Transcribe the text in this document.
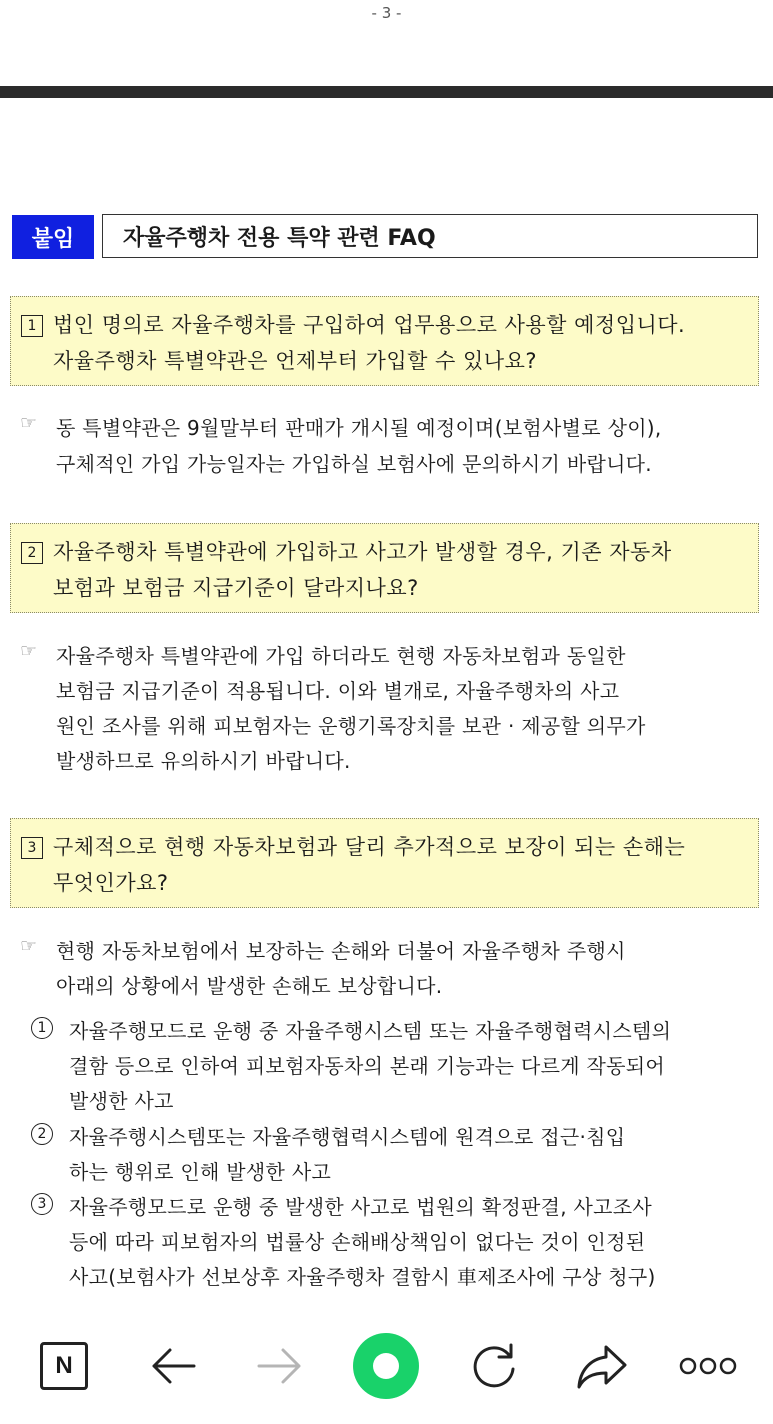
- 3 -
붙임	자율주행차 전용 특약 관련 FAQ
1 법인 명의로 자율주행차를 구입하여 업무용으로 사용할 예정입니다.
자율주행차 특별약관은 언제부터 가입할 수 있나요?
☞ 동 특별약관은 9월말부터 판매가 개시될 예정이며(보험사별로 상이),
구체적인 가입 가능일자는 가입하실 보험사에 문의하시기 바랍니다.
2 자율주행차 특별약관에 가입하고 사고가 발생할 경우, 기존 자동차
보험과 보험금 지급기준이 달라지나요?
☞ 자율주행차 특별약관에 가입 하더라도 현행 자동차보험과 동일한
보험금 지급기준이 적용됩니다. 이와 별개로, 자율주행차의 사고
원인 조사를 위해 피보험자는 운행기록장치를 보관 · 제공할 의무가
발생하므로 유의하시기 바랍니다.
3 구체적으로 현행 자동차보험과 달리 추가적으로 보장이 되는 손해는
무엇인가요?
☞ 현행 자동차보험에서 보장하는 손해와 더불어 자율주행차 주행시
아래의 상황에서 발생한 손해도 보상합니다.
1	자율주행모드로 운행 중 자율주행시스템 또는 자율주행협력시스템의
결함 등으로 인하여 피보험자동차의 본래 기능과는 다르게 작동되어
발생한 사고
2	자율주행시스템또는 자율주행협력시스템에 원격으로 접근·침입
하는 행위로 인해 발생한 사고
3	자율주행모드로 운행 중 발생한 사고로 법원의 확정판결, 사고조사
등에 따라 피보험자의 법률상 손해배상책임이 없다는 것이 인정된
사고(보험사가 선보상후 자율주행차 결함시 車제조사에 구상 청구)
N
